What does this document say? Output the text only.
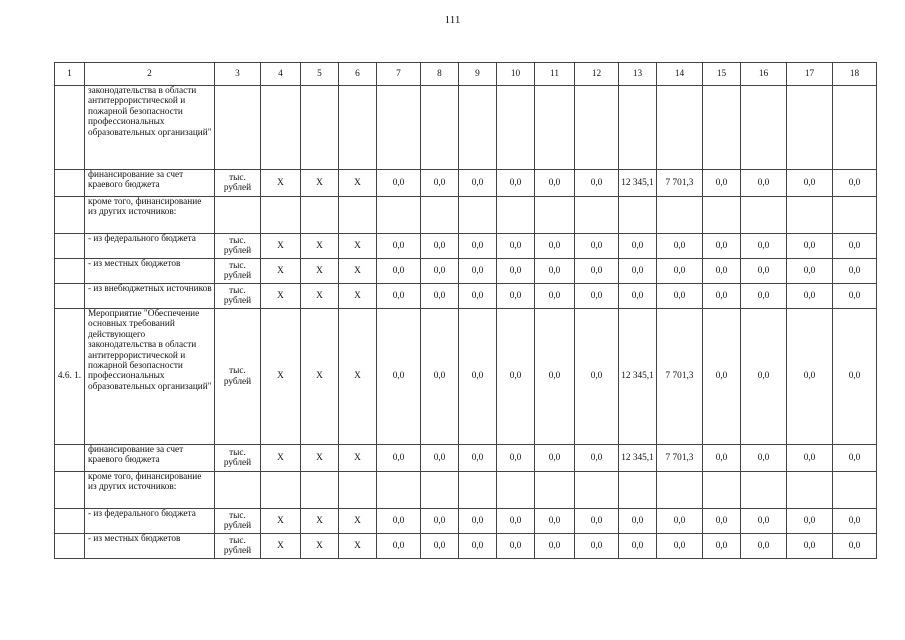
111
1	2	3	4	5	6	7	8	9	10	11	12	13	14	15	16	17	18
	законодательства в области антитеррористической и пожарной безопасности профессиональных образовательных организаций"																
	финансирование за счет краевого бюджета	тыс. рублей	X	X	X	0,0	0,0	0,0	0,0	0,0	0,0	12 345,1	7 701,3	0,0	0,0	0,0	0,0
	кроме того, финансирование из других источников:																
	- из федерального бюджета	тыс. рублей	X	X	X	0,0	0,0	0,0	0,0	0,0	0,0	0,0	0,0	0,0	0,0	0,0	0,0
	- из местных бюджетов	тыс. рублей	X	X	X	0,0	0,0	0,0	0,0	0,0	0,0	0,0	0,0	0,0	0,0	0,0	0,0
	- из внебюджетных источников	тыс. рублей	X	X	X	0,0	0,0	0,0	0,0	0,0	0,0	0,0	0,0	0,0	0,0	0,0	0,0
4.6. 1.	Мероприятие "Обеспечение основных требований действующего законодательства в области антитеррористической и пожарной безопасности профессиональных образовательных организаций"	тыс. рублей	X	X	X	0,0	0,0	0,0	0,0	0,0	0,0	12 345,1	7 701,3	0,0	0,0	0,0	0,0
	финансирование за счет краевого бюджета	тыс. рублей	X	X	X	0,0	0,0	0,0	0,0	0,0	0,0	12 345,1	7 701,3	0,0	0,0	0,0	0,0
	кроме того, финансирование из других источников:																
	- из федерального бюджета	тыс. рублей	X	X	X	0,0	0,0	0,0	0,0	0,0	0,0	0,0	0,0	0,0	0,0	0,0	0,0
	- из местных бюджетов	тыс. рублей	X	X	X	0,0	0,0	0,0	0,0	0,0	0,0	0,0	0,0	0,0	0,0	0,0	0,0
